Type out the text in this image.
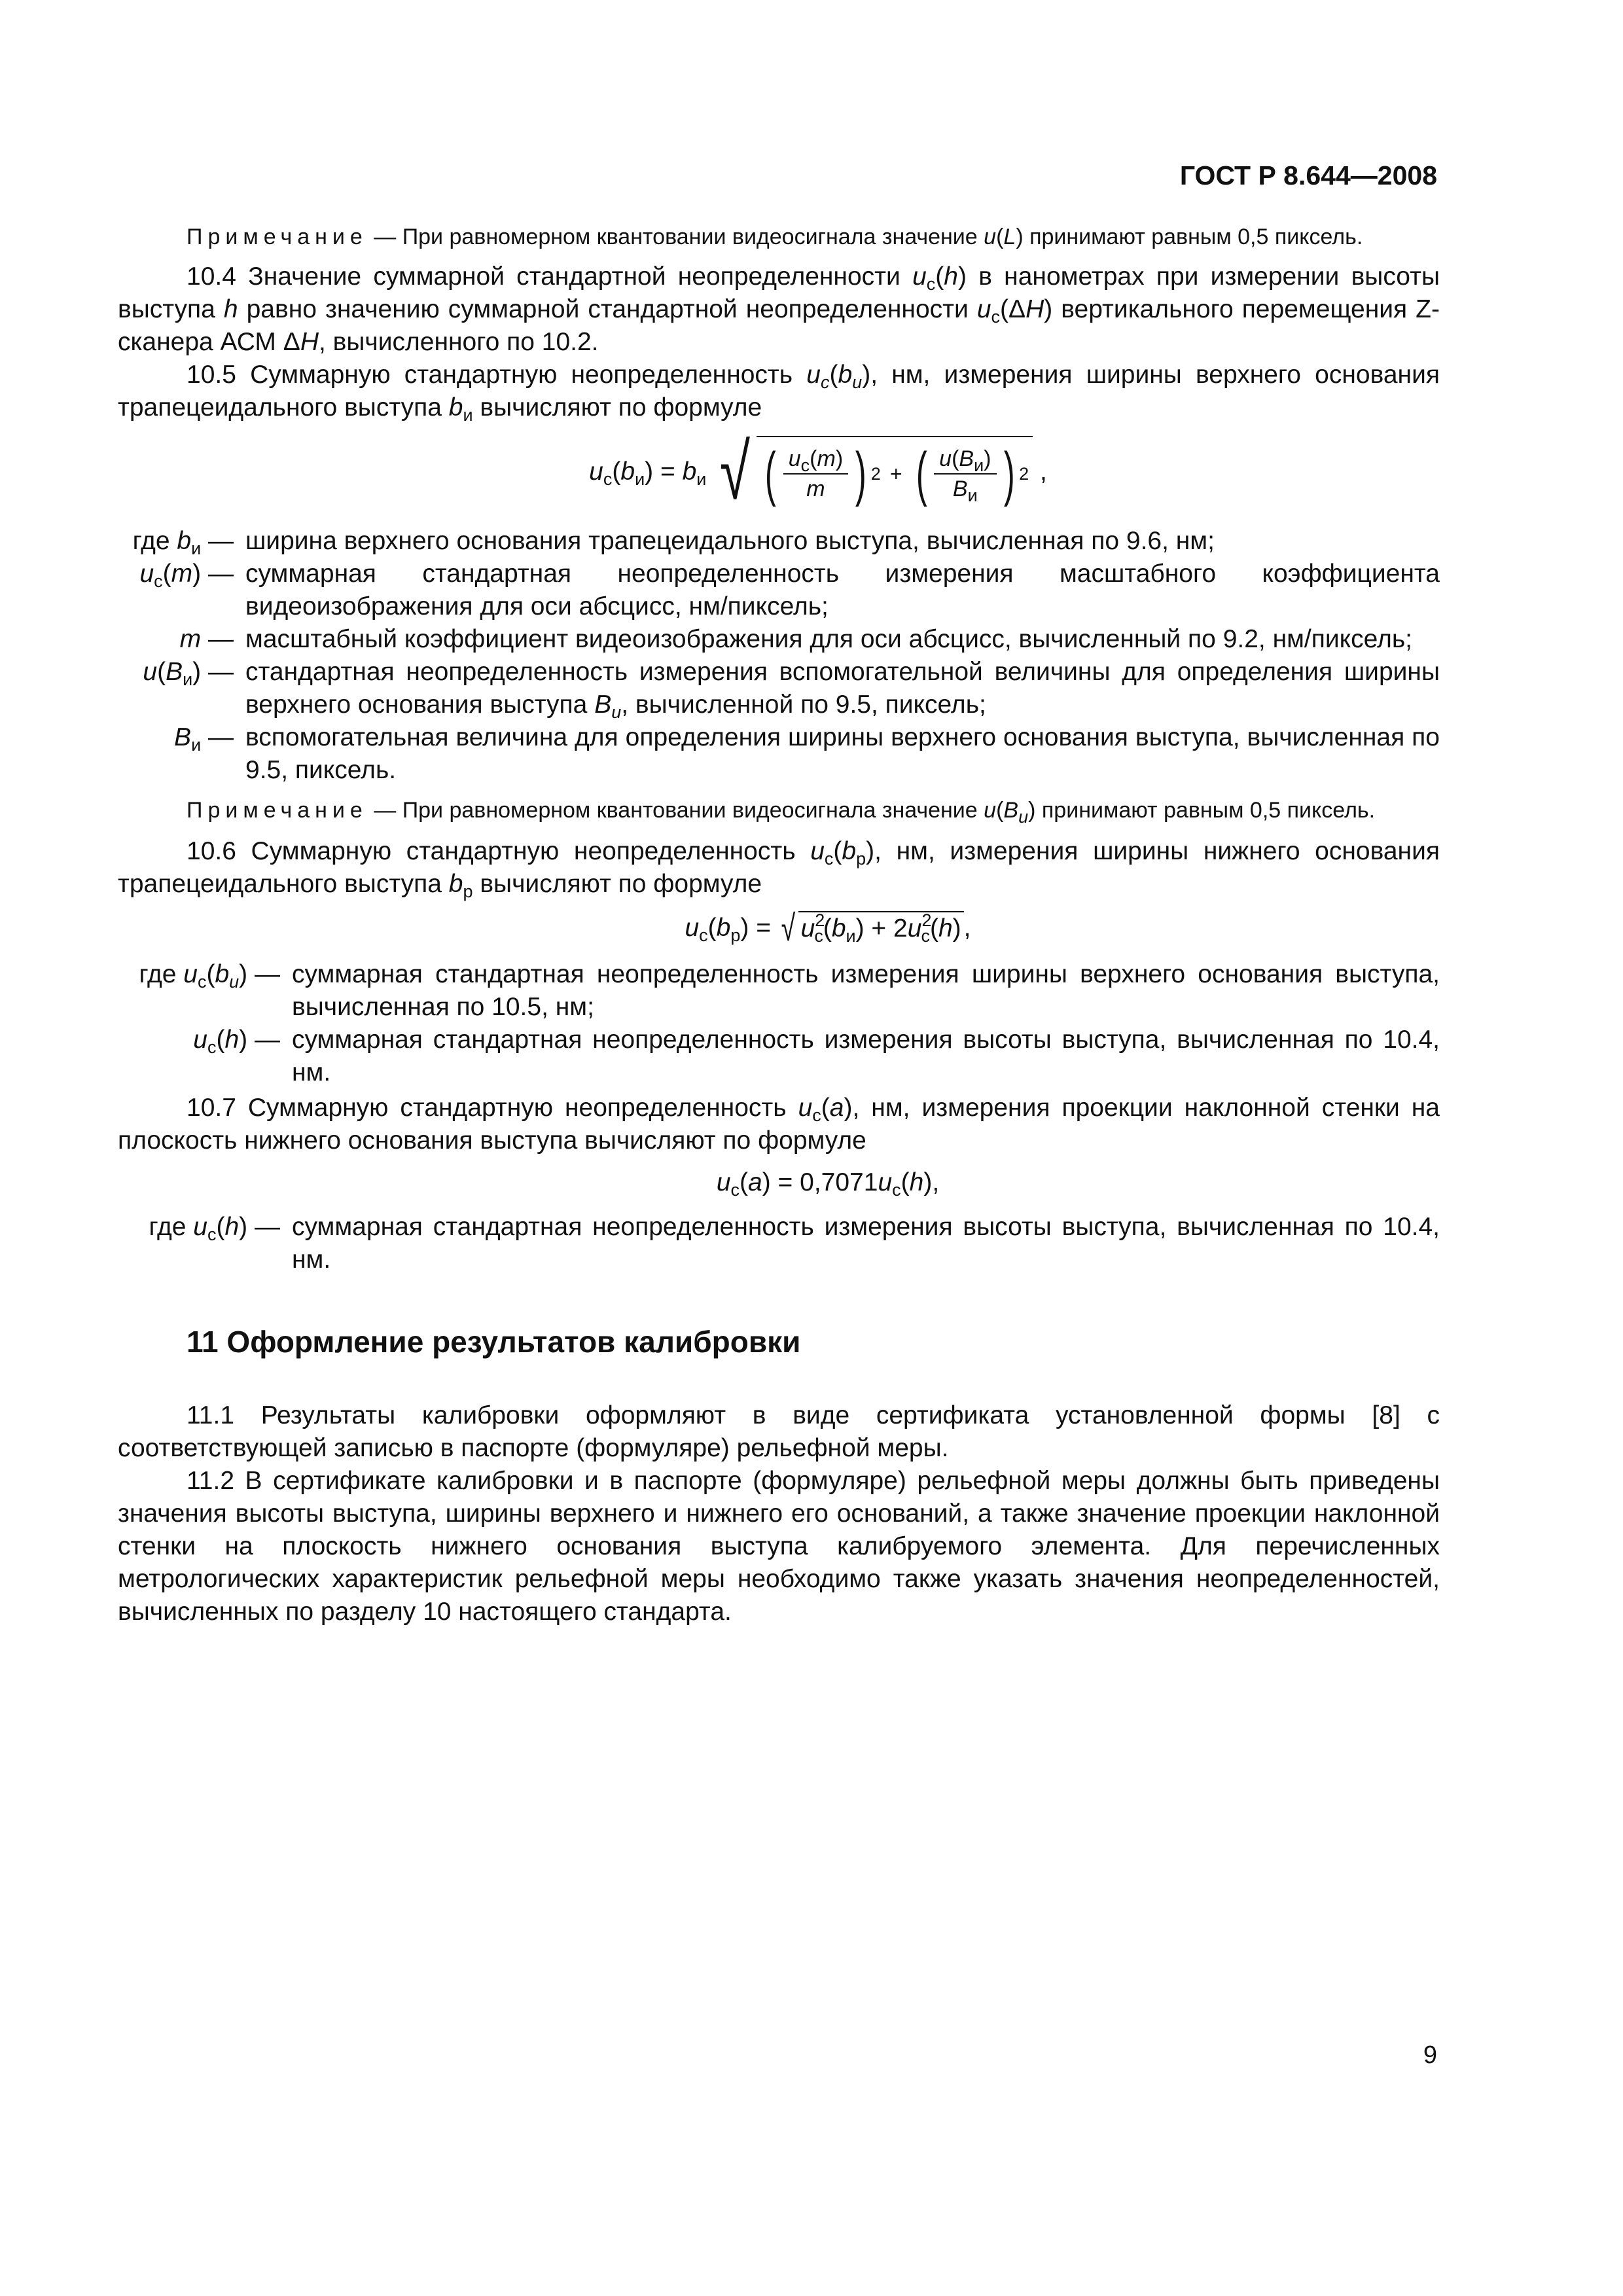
ГОСТ Р 8.644—2008

Примечание — При равномерном квантовании видеосигнала значение u(L) принимают равным 0,5 пиксель.

10.4 Значение суммарной стандартной неопределенности $u_c(h)$ в нанометрах при измерении высоты выступа h равно значению суммарной стандартной неопределенности $u_c(\Delta H)$ вертикального перемещения Z-сканера АСМ ΔH, вычисленного по 10.2.

10.5 Суммарную стандартную неопределенность $u_c(b_и)$, нм, измерения ширины верхнего основания трапецеидального выступа $b_и$ вычисляют по формуле

$u_c(b_и) = b_и$ √ ( $\frac{u_c(m)}{m}$ ) 2 + ( $\frac{u(B_и)}{B_и}$ ) 2 ,
где $b_и$ — ширина верхнего основания трапецеидального выступа, вычисленная по 9.6, нм;
$u_c(m)$ — суммарная стандартная неопределенность измерения масштабного коэффициента видеоизображения для оси абсцисс, нм/пиксель;
m — масштабный коэффициент видеоизображения для оси абсцисс, вычисленный по 9.2, нм/пиксель;
$u(B_и)$ — стандартная неопределенность измерения вспомогательной величины для определения ширины верхнего основания выступа $B_и$, вычисленной по 9.5, пиксель;
$B_и$ — вспомогательная величина для определения ширины верхнего основания выступа, вычисленная по 9.5, пиксель.

Примечание — При равномерном квантовании видеосигнала значение $u(B_и)$ принимают равным 0,5 пиксель.

10.6 Суммарную стандартную неопределенность $u_c(b_р)$, нм, измерения ширины нижнего основания трапецеидального выступа $b_р$ вычисляют по формуле

$u_c(b_р)$ = √ $u^2_c(b_и) + 2u^2_c(h)$ ,
где $u_c(b_и)$ — суммарная стандартная неопределенность измерения ширины верхнего основания выступа, вычисленная по 10.5, нм;
$u_c(h)$ — суммарная стандартная неопределенность измерения высоты выступа, вычисленная по 10.4, нм.

10.7 Суммарную стандартную неопределенность $u_c(a)$, нм, измерения проекции наклонной стенки на плоскость нижнего основания выступа вычисляют по формуле

$u_c(a) = 0,7071u_c(h)$,
где $u_c(h)$ — суммарная стандартная неопределенность измерения высоты выступа, вычисленная по 10.4, нм.
11 Оформление результатов калибровки

11.1 Результаты калибровки оформляют в виде сертификата установленной формы [8] с соответствующей записью в паспорте (формуляре) рельефной меры.

11.2 В сертификате калибровки и в паспорте (формуляре) рельефной меры должны быть приведены значения высоты выступа, ширины верхнего и нижнего его оснований, а также значение проекции наклонной стенки на плоскость нижнего основания выступа калибруемого элемента. Для перечисленных метрологических характеристик рельефной меры необходимо также указать значения неопределенностей, вычисленных по разделу 10 настоящего стандарта.

9
